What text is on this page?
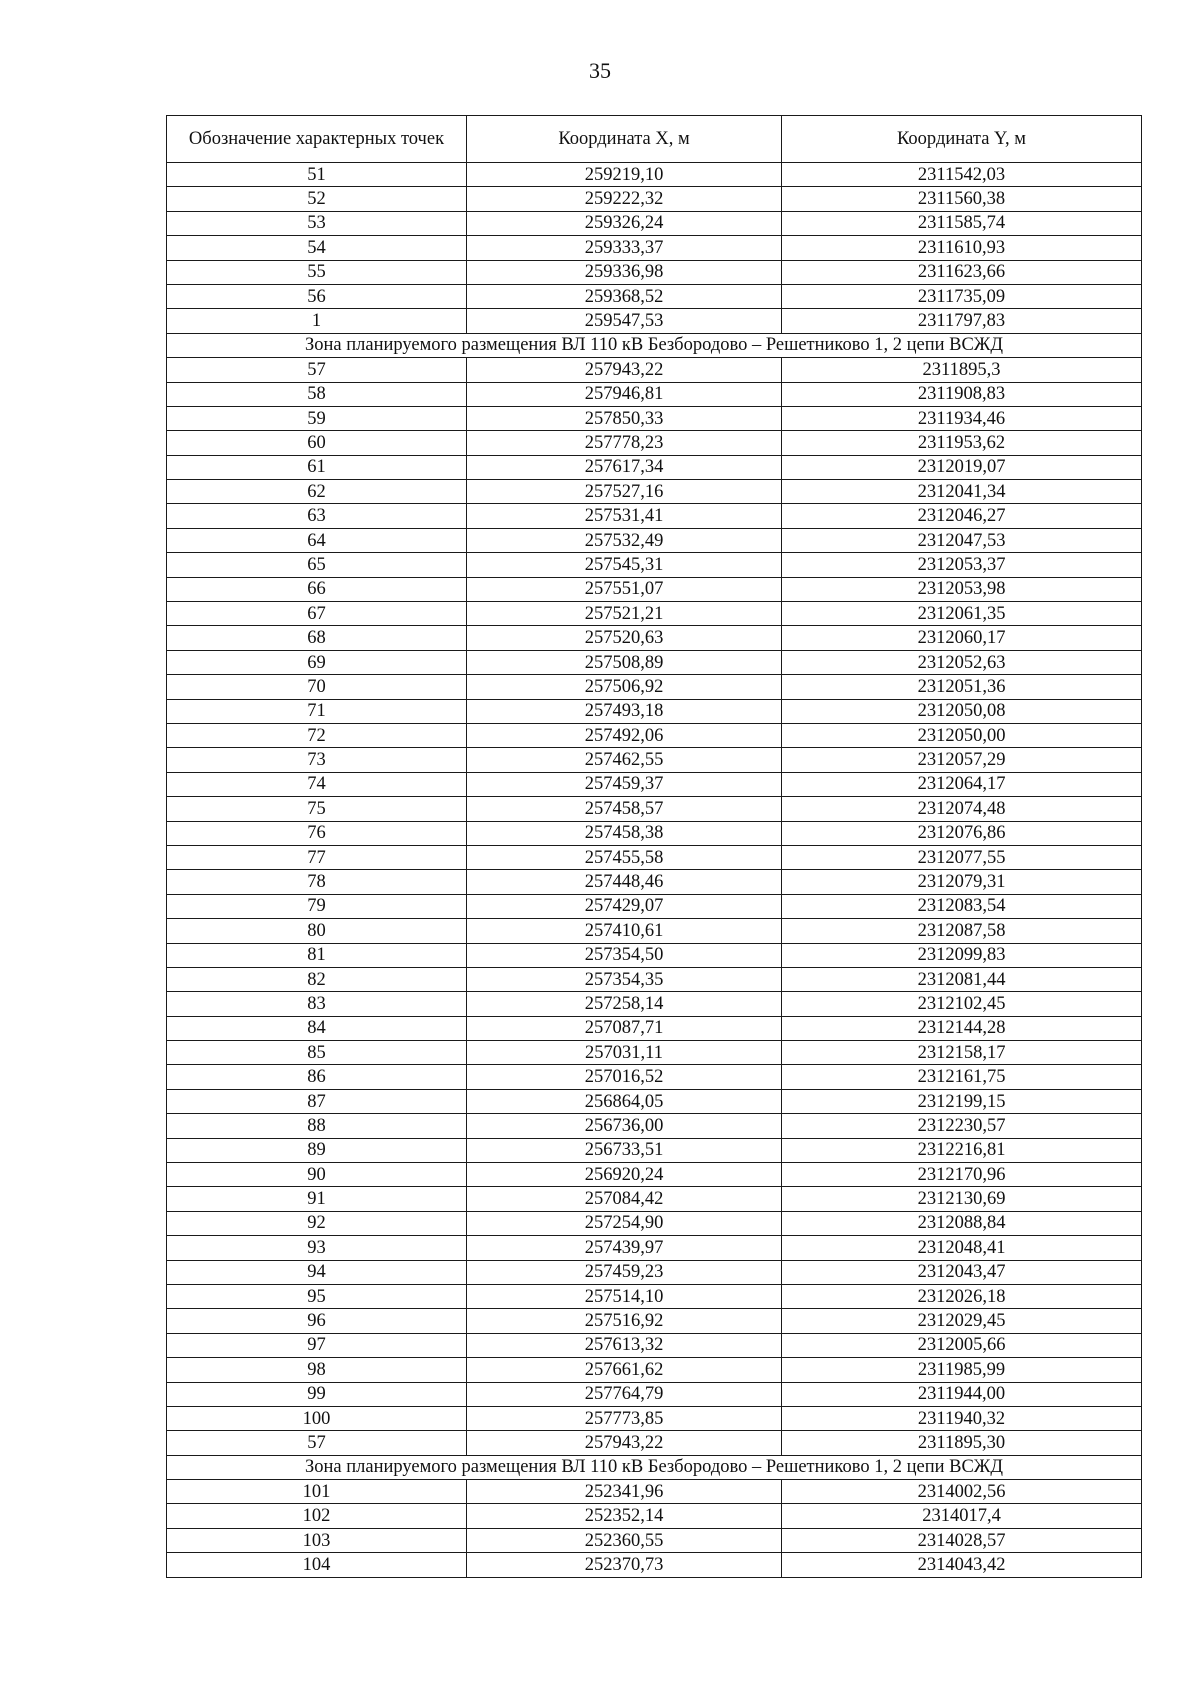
35
Обозначение характерных точек	Координата X, м	Координата Y, м
51	259219,10	2311542,03
52	259222,32	2311560,38
53	259326,24	2311585,74
54	259333,37	2311610,93
55	259336,98	2311623,66
56	259368,52	2311735,09
1	259547,53	2311797,83
Зона планируемого размещения ВЛ 110 кВ Безбородово – Решетниково 1, 2 цепи ВСЖД		
57	257943,22	2311895,3
58	257946,81	2311908,83
59	257850,33	2311934,46
60	257778,23	2311953,62
61	257617,34	2312019,07
62	257527,16	2312041,34
63	257531,41	2312046,27
64	257532,49	2312047,53
65	257545,31	2312053,37
66	257551,07	2312053,98
67	257521,21	2312061,35
68	257520,63	2312060,17
69	257508,89	2312052,63
70	257506,92	2312051,36
71	257493,18	2312050,08
72	257492,06	2312050,00
73	257462,55	2312057,29
74	257459,37	2312064,17
75	257458,57	2312074,48
76	257458,38	2312076,86
77	257455,58	2312077,55
78	257448,46	2312079,31
79	257429,07	2312083,54
80	257410,61	2312087,58
81	257354,50	2312099,83
82	257354,35	2312081,44
83	257258,14	2312102,45
84	257087,71	2312144,28
85	257031,11	2312158,17
86	257016,52	2312161,75
87	256864,05	2312199,15
88	256736,00	2312230,57
89	256733,51	2312216,81
90	256920,24	2312170,96
91	257084,42	2312130,69
92	257254,90	2312088,84
93	257439,97	2312048,41
94	257459,23	2312043,47
95	257514,10	2312026,18
96	257516,92	2312029,45
97	257613,32	2312005,66
98	257661,62	2311985,99
99	257764,79	2311944,00
100	257773,85	2311940,32
57	257943,22	2311895,30
Зона планируемого размещения ВЛ 110 кВ Безбородово – Решетниково 1, 2 цепи ВСЖД		
101	252341,96	2314002,56
102	252352,14	2314017,4
103	252360,55	2314028,57
104	252370,73	2314043,42
